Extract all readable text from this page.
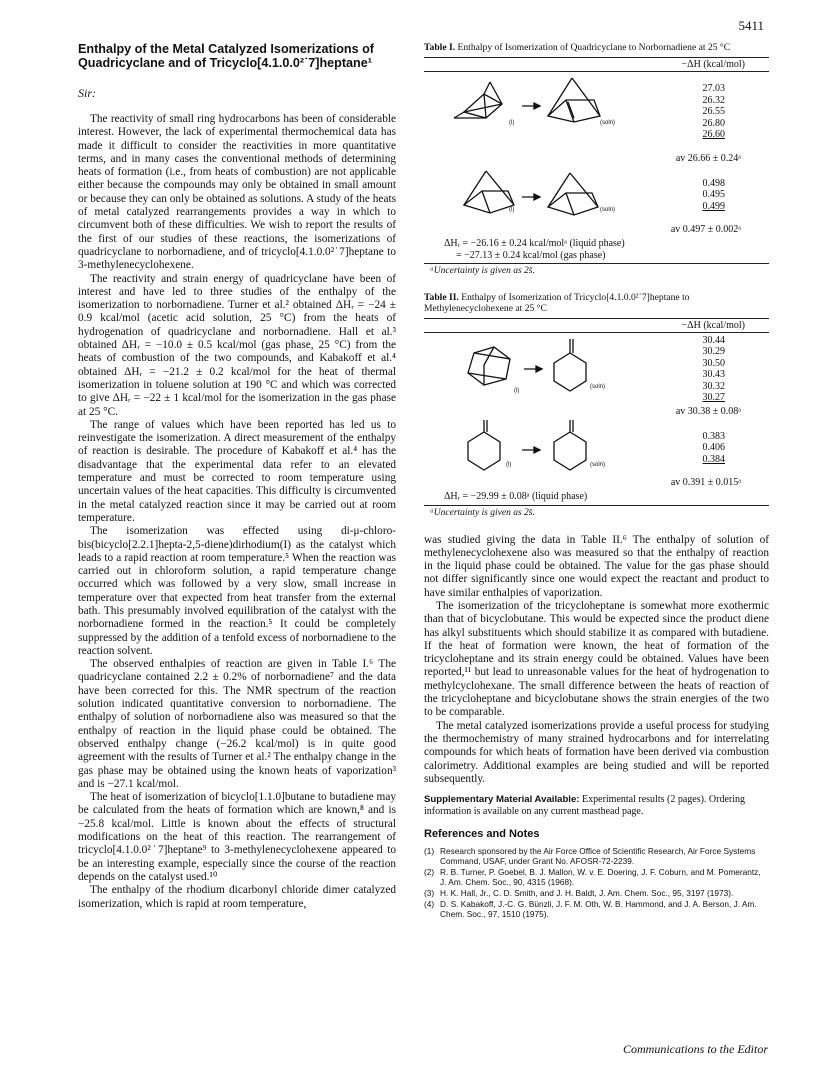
5411
Enthalpy of the Metal Catalyzed Isomerizations of Quadricyclane and of Tricyclo[4.1.0.0²˙7]heptane¹
Sir:

The reactivity of small ring hydrocarbons has been of considerable interest. However, the lack of experimental thermochemical data has made it difficult to consider the reactivities in more quantitative terms, and in many cases the conventional methods of determining heats of formation (i.e., from heats of combustion) are not applicable either because the compounds may only be obtained in small amount or because they can only be obtained as solutions. A study of the heats of metal catalyzed rearrangements provides a way in which to circumvent both of these difficulties. We wish to report the results of the first of our studies of these reactions, the isomerizations of quadricyclane to norbornadiene, and of tricyclo[4.1.0.0²˙7]heptane to 3-methylenecyclohexene.

The reactivity and strain energy of quadricyclane have been of interest and have led to three studies of the enthalpy of the isomerization to norbornadiene. Turner et al.² obtained ΔHᵣ = −24 ± 0.9 kcal/mol (acetic acid solution, 25 °C) from the heats of hydrogenation of quadricyclane and norbornadiene. Hall et al.³ obtained ΔHᵣ = −10.0 ± 0.5 kcal/mol (gas phase, 25 °C) from the heats of combustion of the two compounds, and Kabakoff et al.⁴ obtained ΔHᵣ = −21.2 ± 0.2 kcal/mol for the heat of thermal isomerization in toluene solution at 190 °C and which was corrected to give ΔHᵣ = −22 ± 1 kcal/mol for the isomerization in the gas phase at 25 °C.

The range of values which have been reported has led us to reinvestigate the isomerization. A direct measurement of the enthalpy of reaction is desirable. The procedure of Kabakoff et al.⁴ has the disadvantage that the experimental data refer to an elevated temperature and must be corrected to room temperature using uncertain values of the heat capacities. This difficulty is circumvented in the metal catalyzed reaction since it may be carried out at room temperature.

The isomerization was effected using di-μ-chloro-bis(bicyclo[2.2.1]hepta-2,5-diene)dirhodium(I) as the catalyst which leads to a rapid reaction at room temperature.⁵ When the reaction was carried out in chloroform solution, a rapid temperature change occurred which was followed by a very slow, small increase in temperature over that expected from heat transfer from the external bath. This presumably involved equilibration of the catalyst with the norbornadiene formed in the reaction.⁵ It could be completely suppressed by the addition of a tenfold excess of norbornadiene to the reaction solvent.

The observed enthalpies of reaction are given in Table I.⁶ The quadricyclane contained 2.2 ± 0.2% of norbornadiene⁷ and the data have been corrected for this. The NMR spectrum of the reaction solution indicated quantitative conversion to norbornadiene. The enthalpy of solution of norbornadiene also was measured so that the enthalpy of reaction in the liquid phase could be obtained. The observed enthalpy change (−26.2 kcal/mol) is in quite good agreement with the results of Turner et al.² The enthalpy change in the gas phase may be obtained using the known heats of vaporization³ and is −27.1 kcal/mol.

The heat of isomerization of bicyclo[1.1.0]butane to butadiene may be calculated from the heats of formation which are known,⁸ and is −25.8 kcal/mol. Little is known about the effects of structural modifications on the heat of this reaction. The rearrangement of tricyclo[4.1.0.0²˙7]heptane⁹ to 3-methylenecyclohexene appeared to be an interesting example, especially since the course of the reaction depends on the catalyst used.¹⁰

The enthalpy of the rhodium dicarbonyl chloride dimer catalyzed isomerization, which is rapid at room temperature,

Table I. Enthalpy of Isomerization of Quadricyclane to Norbornadiene at 25 °C
−ΔH (kcal/mol)
(l)	(soln)
27.03
26.32
26.55
26.80
26.60
av 26.66 ± 0.24ᵃ
(l)	(soln)
0.498
0.495
0.499
av 0.497 ± 0.002ᵃ
ΔHᵣ = −26.16 ± 0.24 kcal/molᵃ (liquid phase)
= −27.13 ± 0.24 kcal/mol (gas phase)
ᵃUncertainty is given as 2s̄.
Table II. Enthalpy of Isomerization of Tricyclo[4.1.0.0²˙7]heptane to Methylenecyclohexene at 25 °C
−ΔH (kcal/mol)
(l)
(soln)
30.44
30.29
30.50
30.43
30.32
30.27
av 30.38 ± 0.08ᵃ
(l)	(soln)
0.383
0.406
0.384
av 0.391 ± 0.015ᵃ
ΔHᵣ = −29.99 ± 0.08ᵃ (liquid phase)
ᵃUncertainty is given as 2s̄.

was studied giving the data in Table II.⁶ The enthalpy of solution of methylenecyclohexene also was measured so that the enthalpy of reaction in the liquid phase could be obtained. The value for the gas phase should not differ significantly since one would expect the reactant and product to have similar enthalpies of vaporization.

The isomerization of the tricycloheptane is somewhat more exothermic than that of bicyclobutane. This would be expected since the product diene has alkyl substituents which should stabilize it as compared with butadiene. If the heat of formation were known, the heat of formation of the tricycloheptane and its strain energy could be obtained. Values have been reported,¹¹ but lead to unreasonable values for the heat of hydrogenation to methylcyclohexane. The small difference between the heats of reaction of the tricycloheptane and bicyclobutane shows the strain energies of the two to be comparable.

The metal catalyzed isomerizations provide a useful process for studying the thermochemistry of many strained hydrocarbons and for interrelating compounds for which heats of formation have been derived via combustion calorimetry. Additional examples are being studied and will be reported subsequently.

Supplementary Material Available: Experimental results (2 pages). Ordering information is available on any current masthead page.
References and Notes
(1) Research sponsored by the Air Force Office of Scientific Research, Air Force Systems Command, USAF, under Grant No. AFOSR-72-2239.
(2) R. B. Turner, P. Goebel, B. J. Mallon, W. v. E. Doering, J. F. Coburn, and M. Pomerantz, J. Am. Chem. Soc., 90, 4315 (1968).
(3) H. K. Hall, Jr., C. D. Smith, and J. H. Baldt, J. Am. Chem. Soc., 95, 3197 (1973).
(4) D. S. Kabakoff, J.-C. G. Bünzli, J. F. M. Oth, W. B. Hammond, and J. A. Berson, J. Am. Chem. Soc., 97, 1510 (1975).
Communications to the Editor
